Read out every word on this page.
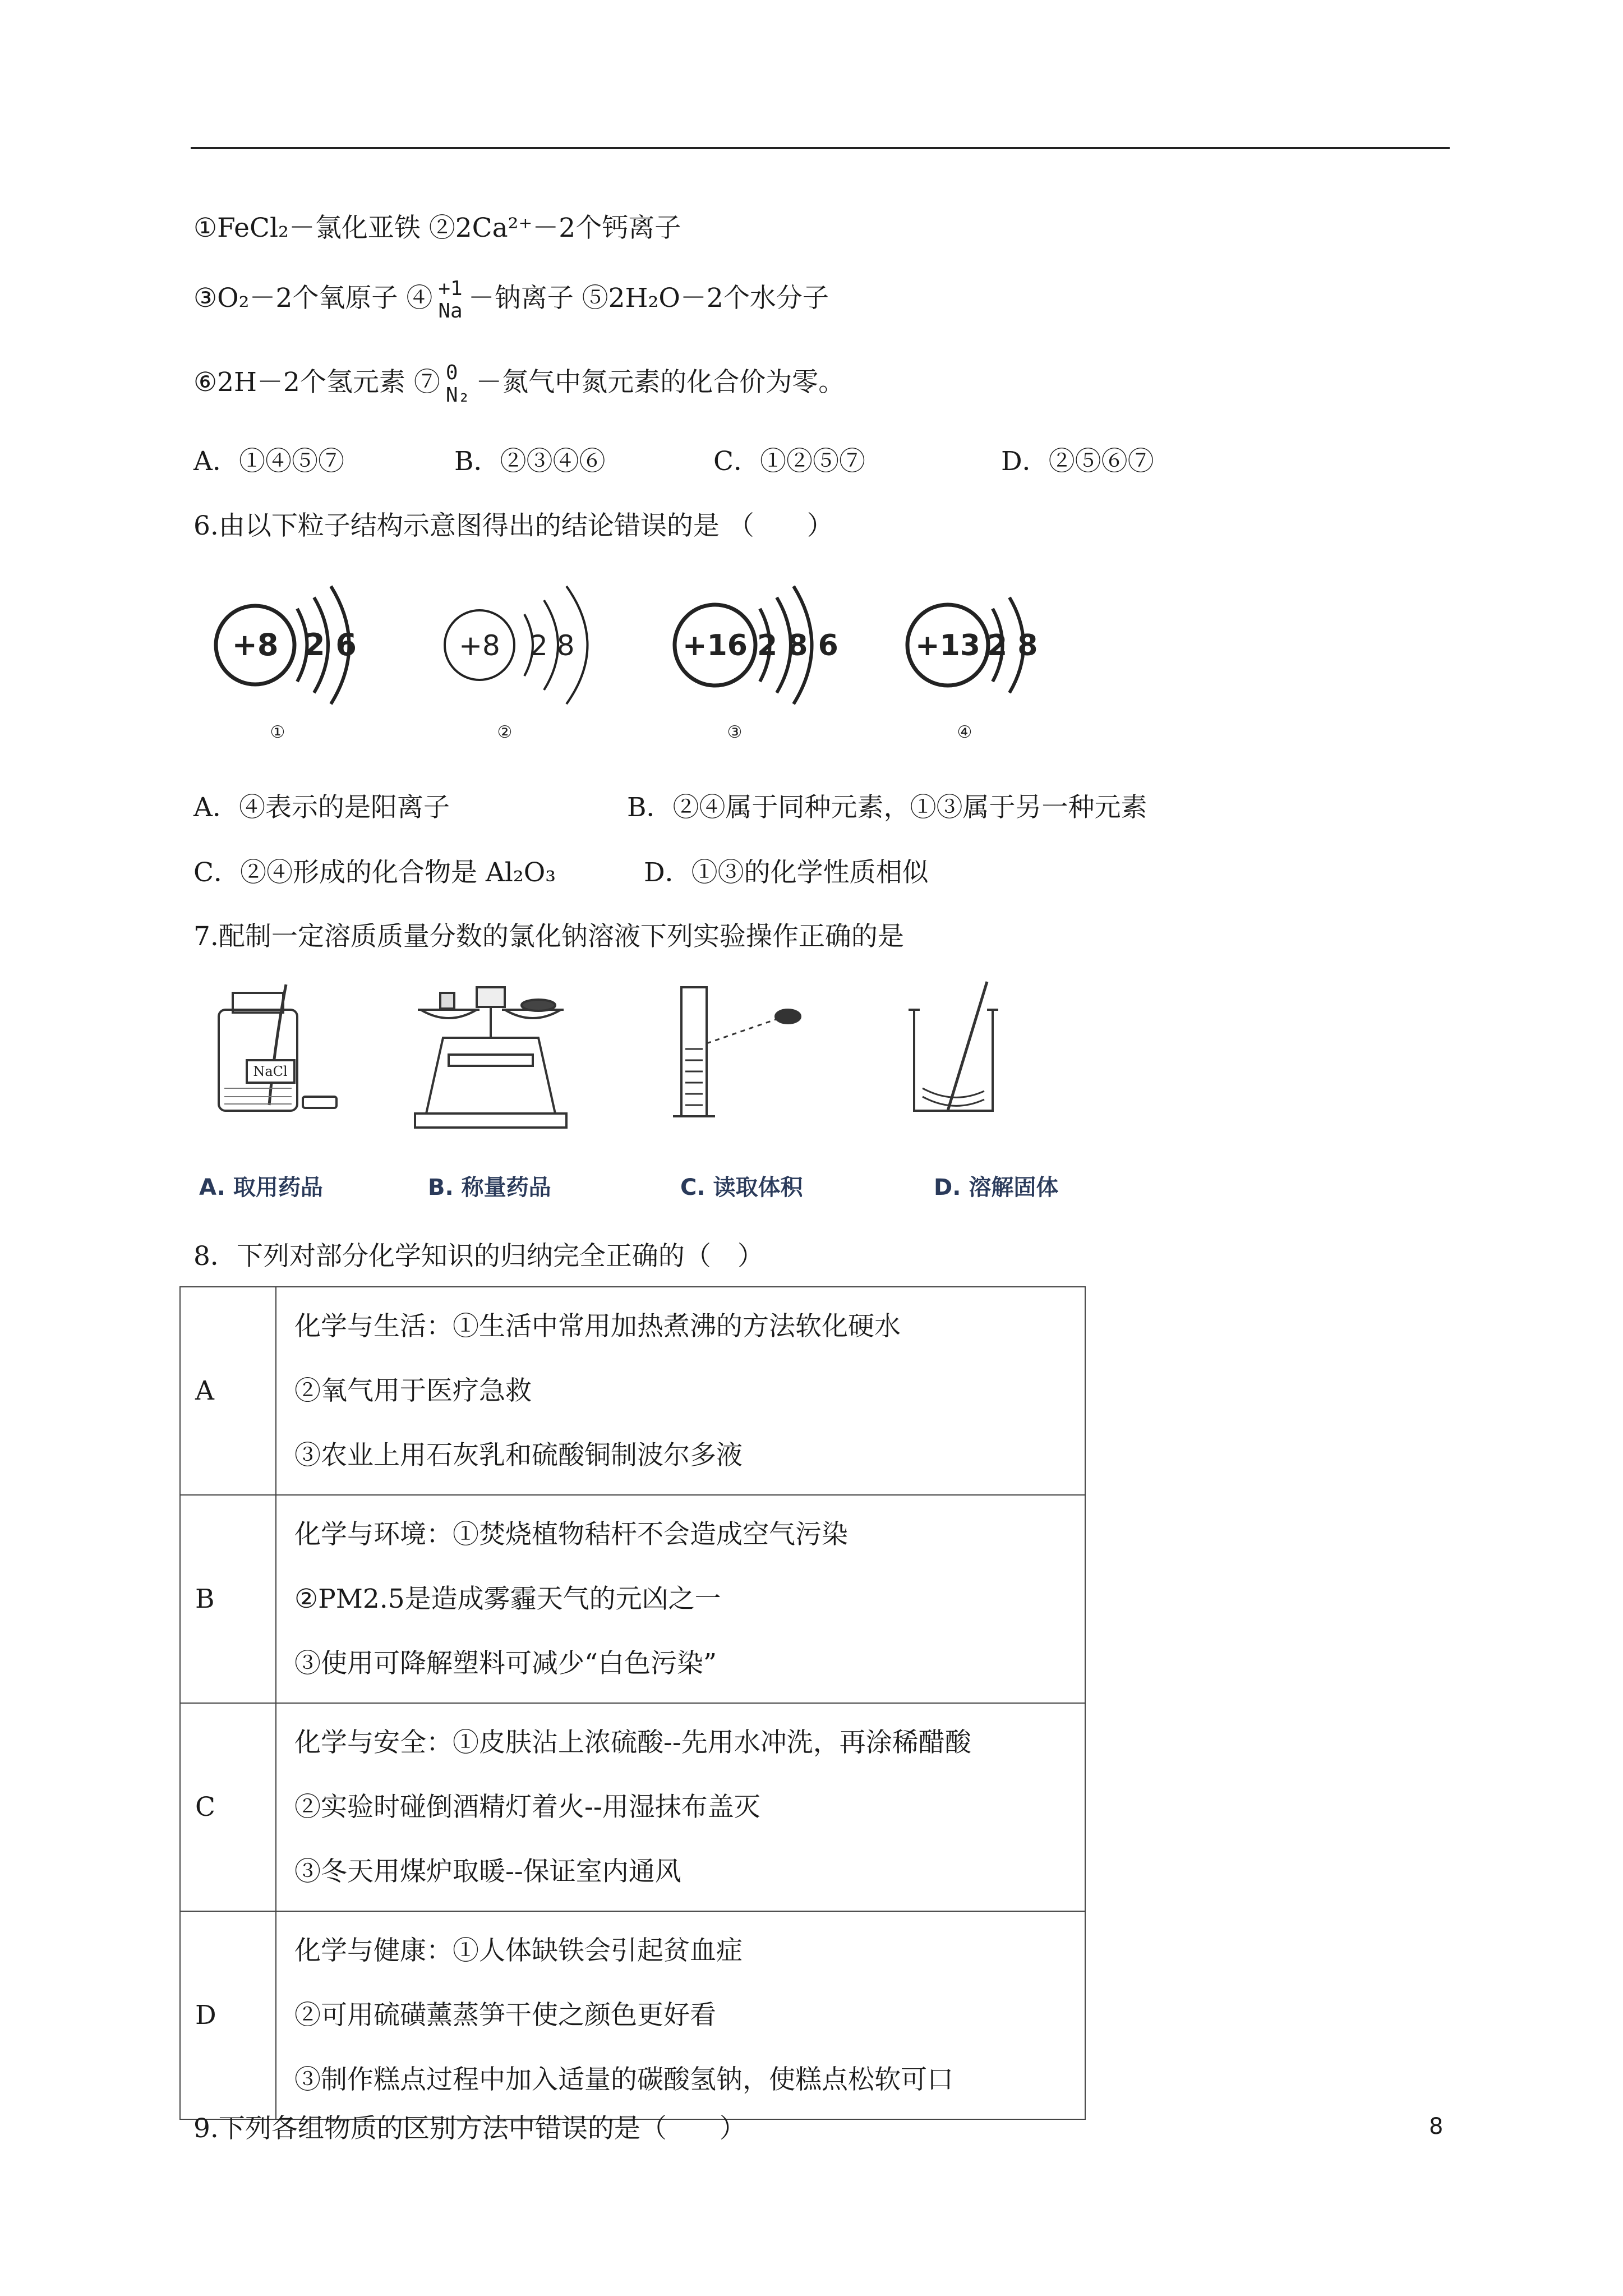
①FeCl₂－氯化亚铁 ②2Ca²⁺－2个钙离子
③O₂－2个氧原子 ④ +1
Na －钠离子 ⑤2H₂O－2个水分子
⑥2H－2个氢元素 ⑦ 0
N₂ －氮气中氮元素的化合价为零。
A．①④⑤⑦	B．②③④⑥	C．①②⑤⑦	D．②⑤⑥⑦
6.由以下粒子结构示意图得出的结论错误的是 （　　）
+8 2 6
①
+8 2 8
②
+16 2 8 6
③
+13 2 8
④
A．④表示的是阳离子	B．②④属于同种元素，①③属于另一种元素
C．②④形成的化合物是 Al₂O₃	D．①③的化学性质相似
7.配制一定溶质质量分数的氯化钠溶液下列实验操作正确的是
NaCl
A. 取用药品	B. 称量药品	C. 读取体积	D. 溶解固体
8．下列对部分化学知识的归纳完全正确的（　）
A	化学与生活：①生活中常用加热煮沸的方法软化硬水
②氧气用于医疗急救
③农业上用石灰乳和硫酸铜制波尔多液

B	化学与环境：①焚烧植物秸杆不会造成空气污染
②PM2.5是造成雾霾天气的元凶之一
③使用可降解塑料可减少“白色污染”

C	化学与安全：①皮肤沾上浓硫酸--先用水冲洗，再涂稀醋酸
②实验时碰倒酒精灯着火--用湿抹布盖灭
③冬天用煤炉取暖--保证室内通风

D	化学与健康：①人体缺铁会引起贫血症
②可用硫磺薰蒸笋干使之颜色更好看
③制作糕点过程中加入适量的碳酸氢钠，使糕点松软可口
9.下列各组物质的区别方法中错误的是（　　）	8
